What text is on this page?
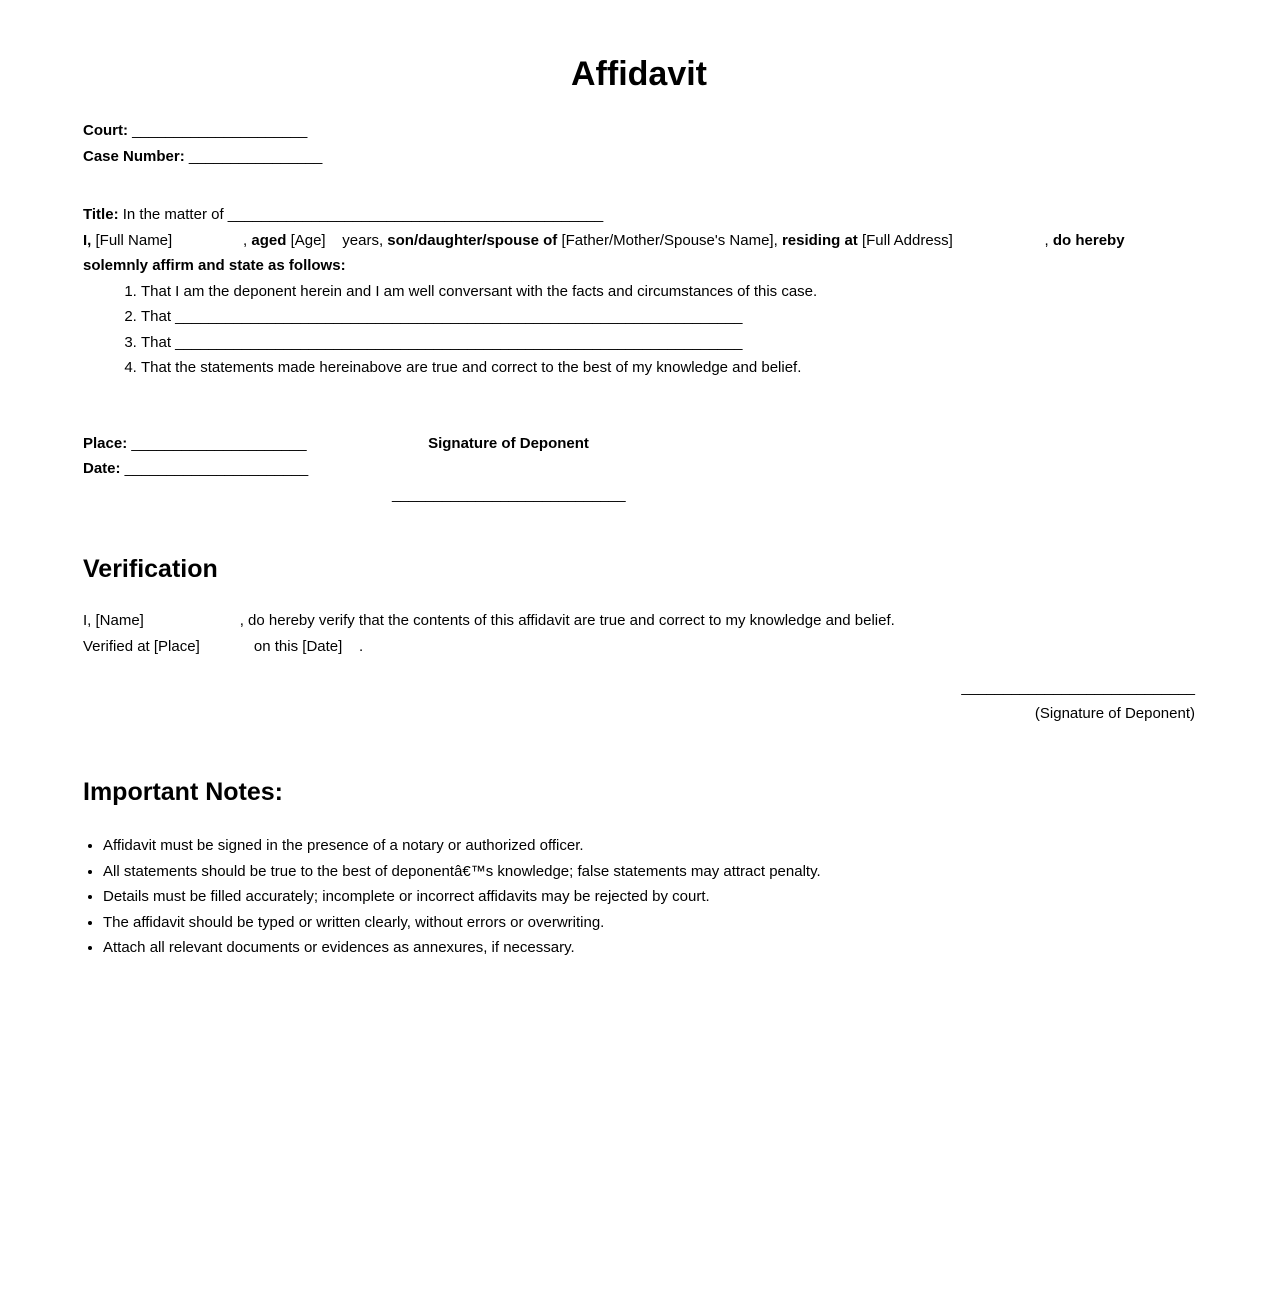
Affidavit

Court: _____________________

Case Number: ________________

Title: In the matter of _____________________________________________

I, [Full Name]                 , aged [Age]    years, son/daughter/spouse of [Father/Mother/Spouse's Name], residing at [Full Address]                      , do hereby
solemnly affirm and state as follows:

1. That I am the deponent herein and I am well conversant with the facts and circumstances of this case.
2. That ____________________________________________________________________
3. That ____________________________________________________________________
4. That the statements made hereinabove are true and correct to the best of my knowledge and belief.

Place: _____________________

Date: ______________________

Signature of Deponent

____________________________

Verification

I, [Name]                       , do hereby verify that the contents of this affidavit are true and correct to my knowledge and belief.
Verified at [Place]             on this [Date]    .

____________________________

(Signature of Deponent)

Important Notes:
• Affidavit must be signed in the presence of a notary or authorized officer.
• All statements should be true to the best of deponentâ€™s knowledge; false statements may attract penalty.
• Details must be filled accurately; incomplete or incorrect affidavits may be rejected by court.
• The affidavit should be typed or written clearly, without errors or overwriting.
• Attach all relevant documents or evidences as annexures, if necessary.
